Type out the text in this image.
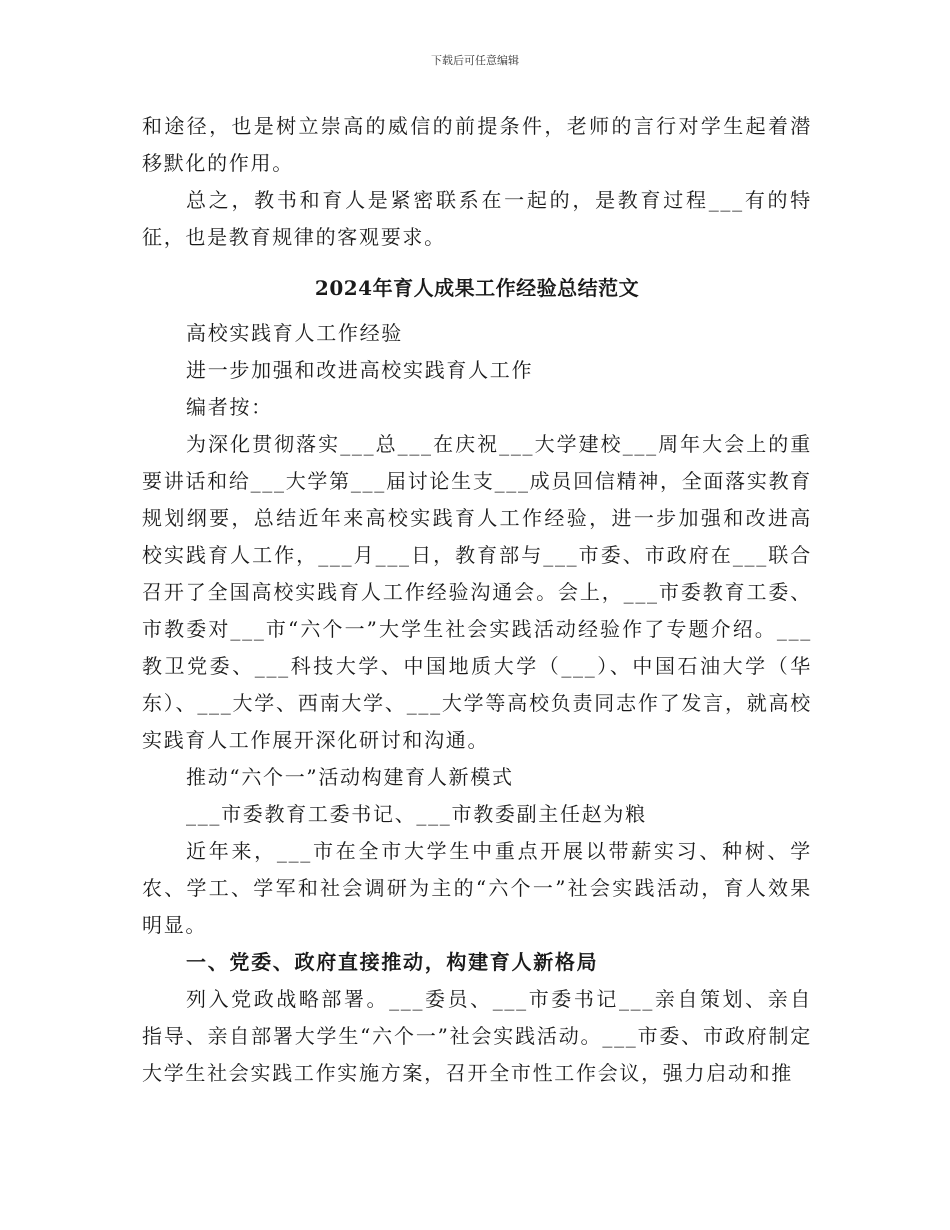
下载后可任意编辑

和途径，也是树立崇高的威信的前提条件，老师的言行对学生起着潜移默化的作用。

总之，教书和育人是紧密联系在一起的，是教育过程___有的特征，也是教育规律的客观要求。

2024年育人成果工作经验总结范文

高校实践育人工作经验

进一步加强和改进高校实践育人工作

编者按：

为深化贯彻落实___总___在庆祝___大学建校___周年大会上的重要讲话和给___大学第___届讨论生支___成员回信精神，全面落实教育规划纲要，总结近年来高校实践育人工作经验，进一步加强和改进高校实践育人工作，___月___日，教育部与___市委、市政府在___联合召开了全国高校实践育人工作经验沟通会。会上，___市委教育工委、市教委对___市“六个一”大学生社会实践活动经验作了专题介绍。___教卫党委、___科技大学、中国地质大学（___）、中国石油大学（华东）、___大学、西南大学、___大学等高校负责同志作了发言，就高校实践育人工作展开深化研讨和沟通。

推动“六个一”活动构建育人新模式

___市委教育工委书记、___市教委副主任赵为粮

近年来，___市在全市大学生中重点开展以带薪实习、种树、学农、学工、学军和社会调研为主的“六个一”社会实践活动，育人效果明显。

一、党委、政府直接推动，构建育人新格局

列入党政战略部署。___委员、___市委书记___亲自策划、亲自指导、亲自部署大学生“六个一”社会实践活动。___市委、市政府制定大学生社会实践工作实施方案，召开全市性工作会议，强力启动和推
